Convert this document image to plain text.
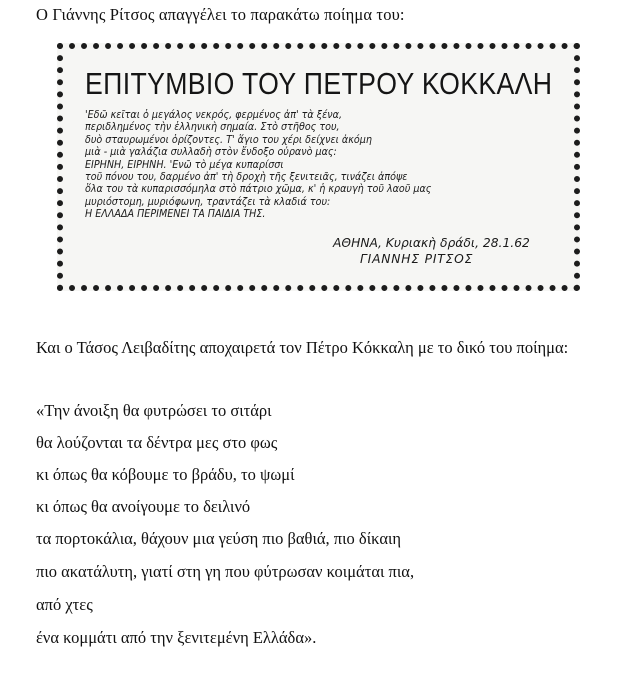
Ο Γιάννης Ρίτσος απαγγέλει το παρακάτω ποίημα του:
ΕΠΙΤΥΜΒΙΟ ΤΟΥ ΠΕΤΡΟΥ ΚΟΚΚΑΛΗ
'Εδῶ κεῖται ὁ μεγάλος νεκρός, φερμένος ἀπ' τὰ ξένα,
περιδλημένος τὴν ἑλληνικὴ σημαία. Στὸ στῆθος του,
δυὸ σταυρωμένοι ὁρίζοντες. Τ' ἅγιο του χέρι δείχνει ἀκόμη
μιὰ - μιὰ γαλάζια συλλαδὴ στὸν ἔνδοξο οὐρανὸ μας:
ΕΙΡΗΝΗ, ΕΙΡΗΝΗ. 'Ενῶ τὸ μέγα κυπαρίσσι
τοῦ πόνου του, δαρμένο ἀπ' τὴ δροχὴ τῆς ξενιτειᾶς, τινάζει ἀπόψε
ὅλα του τὰ κυπαρισσόμηλα στὸ πάτριο χῶμα, κ' ἡ κραυγὴ τοῦ λαοῦ μας
μυριόστομη, μυριόφωνη, τραντάζει τὰ κλαδιά του:
Η ΕΛΛΑΔΑ ΠΕΡΙΜΕΝΕΙ ΤΑ ΠΑΙΔΙΑ ΤΗΣ.
ΑΘΗΝΑ, Κυριακὴ δράδι, 28.1.62
ΓΙΑΝΝΗΣ ΡΙΤΣΟΣ
Και ο Τάσος Λειβαδίτης αποχαιρετά τον Πέτρο Κόκκαλη με το δικό του ποίημα:
«Την άνοιξη θα φυτρώσει το σιτάρι
θα λούζονται τα δέντρα μες στο φως
κι όπως θα κόβουμε το βράδυ, το ψωμί
κι όπως θα ανοίγουμε το δειλινό
τα πορτοκάλια, θάχουν μια γεύση πιο βαθιά, πιο δίκαιη
πιο ακατάλυτη, γιατί στη γη που φύτρωσαν κοιμάται πια,
από χτες
ένα κομμάτι από την ξενιτεμένη Ελλάδα».
